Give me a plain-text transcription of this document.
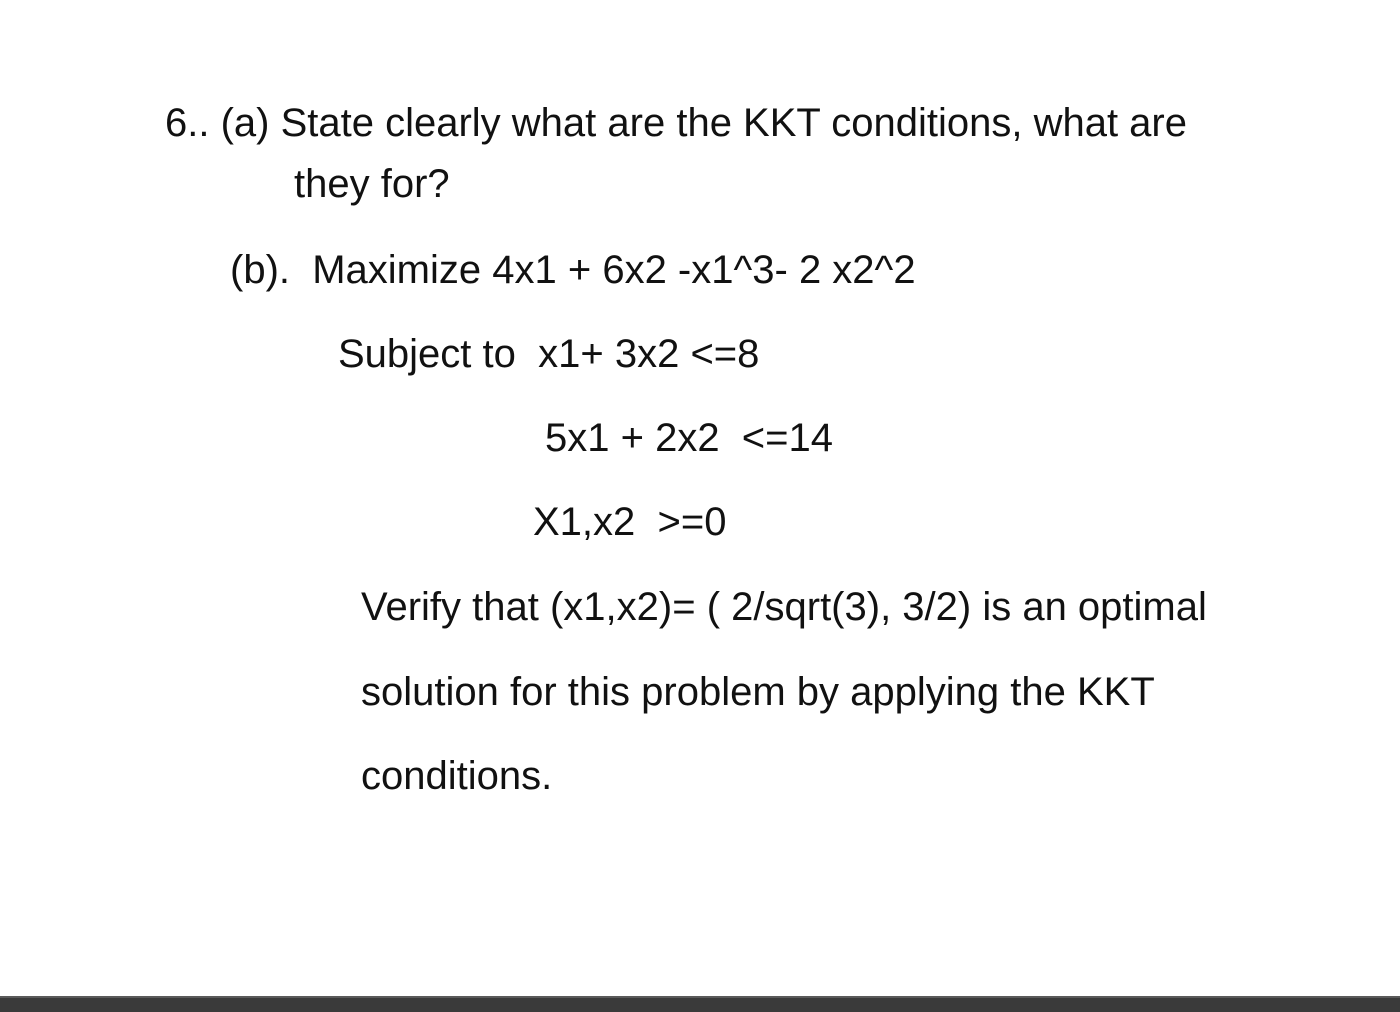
6.. (a) State clearly what are the KKT conditions, what are

they for?

(b).  Maximize 4x1 + 6x2 -x1^3- 2 x2^2

Subject to  x1+ 3x2 <=8

5x1 + 2x2  <=14

X1,x2  >=0

Verify that (x1,x2)= ( 2/sqrt(3), 3/2) is an optimal

solution for this problem by applying the KKT

conditions.
